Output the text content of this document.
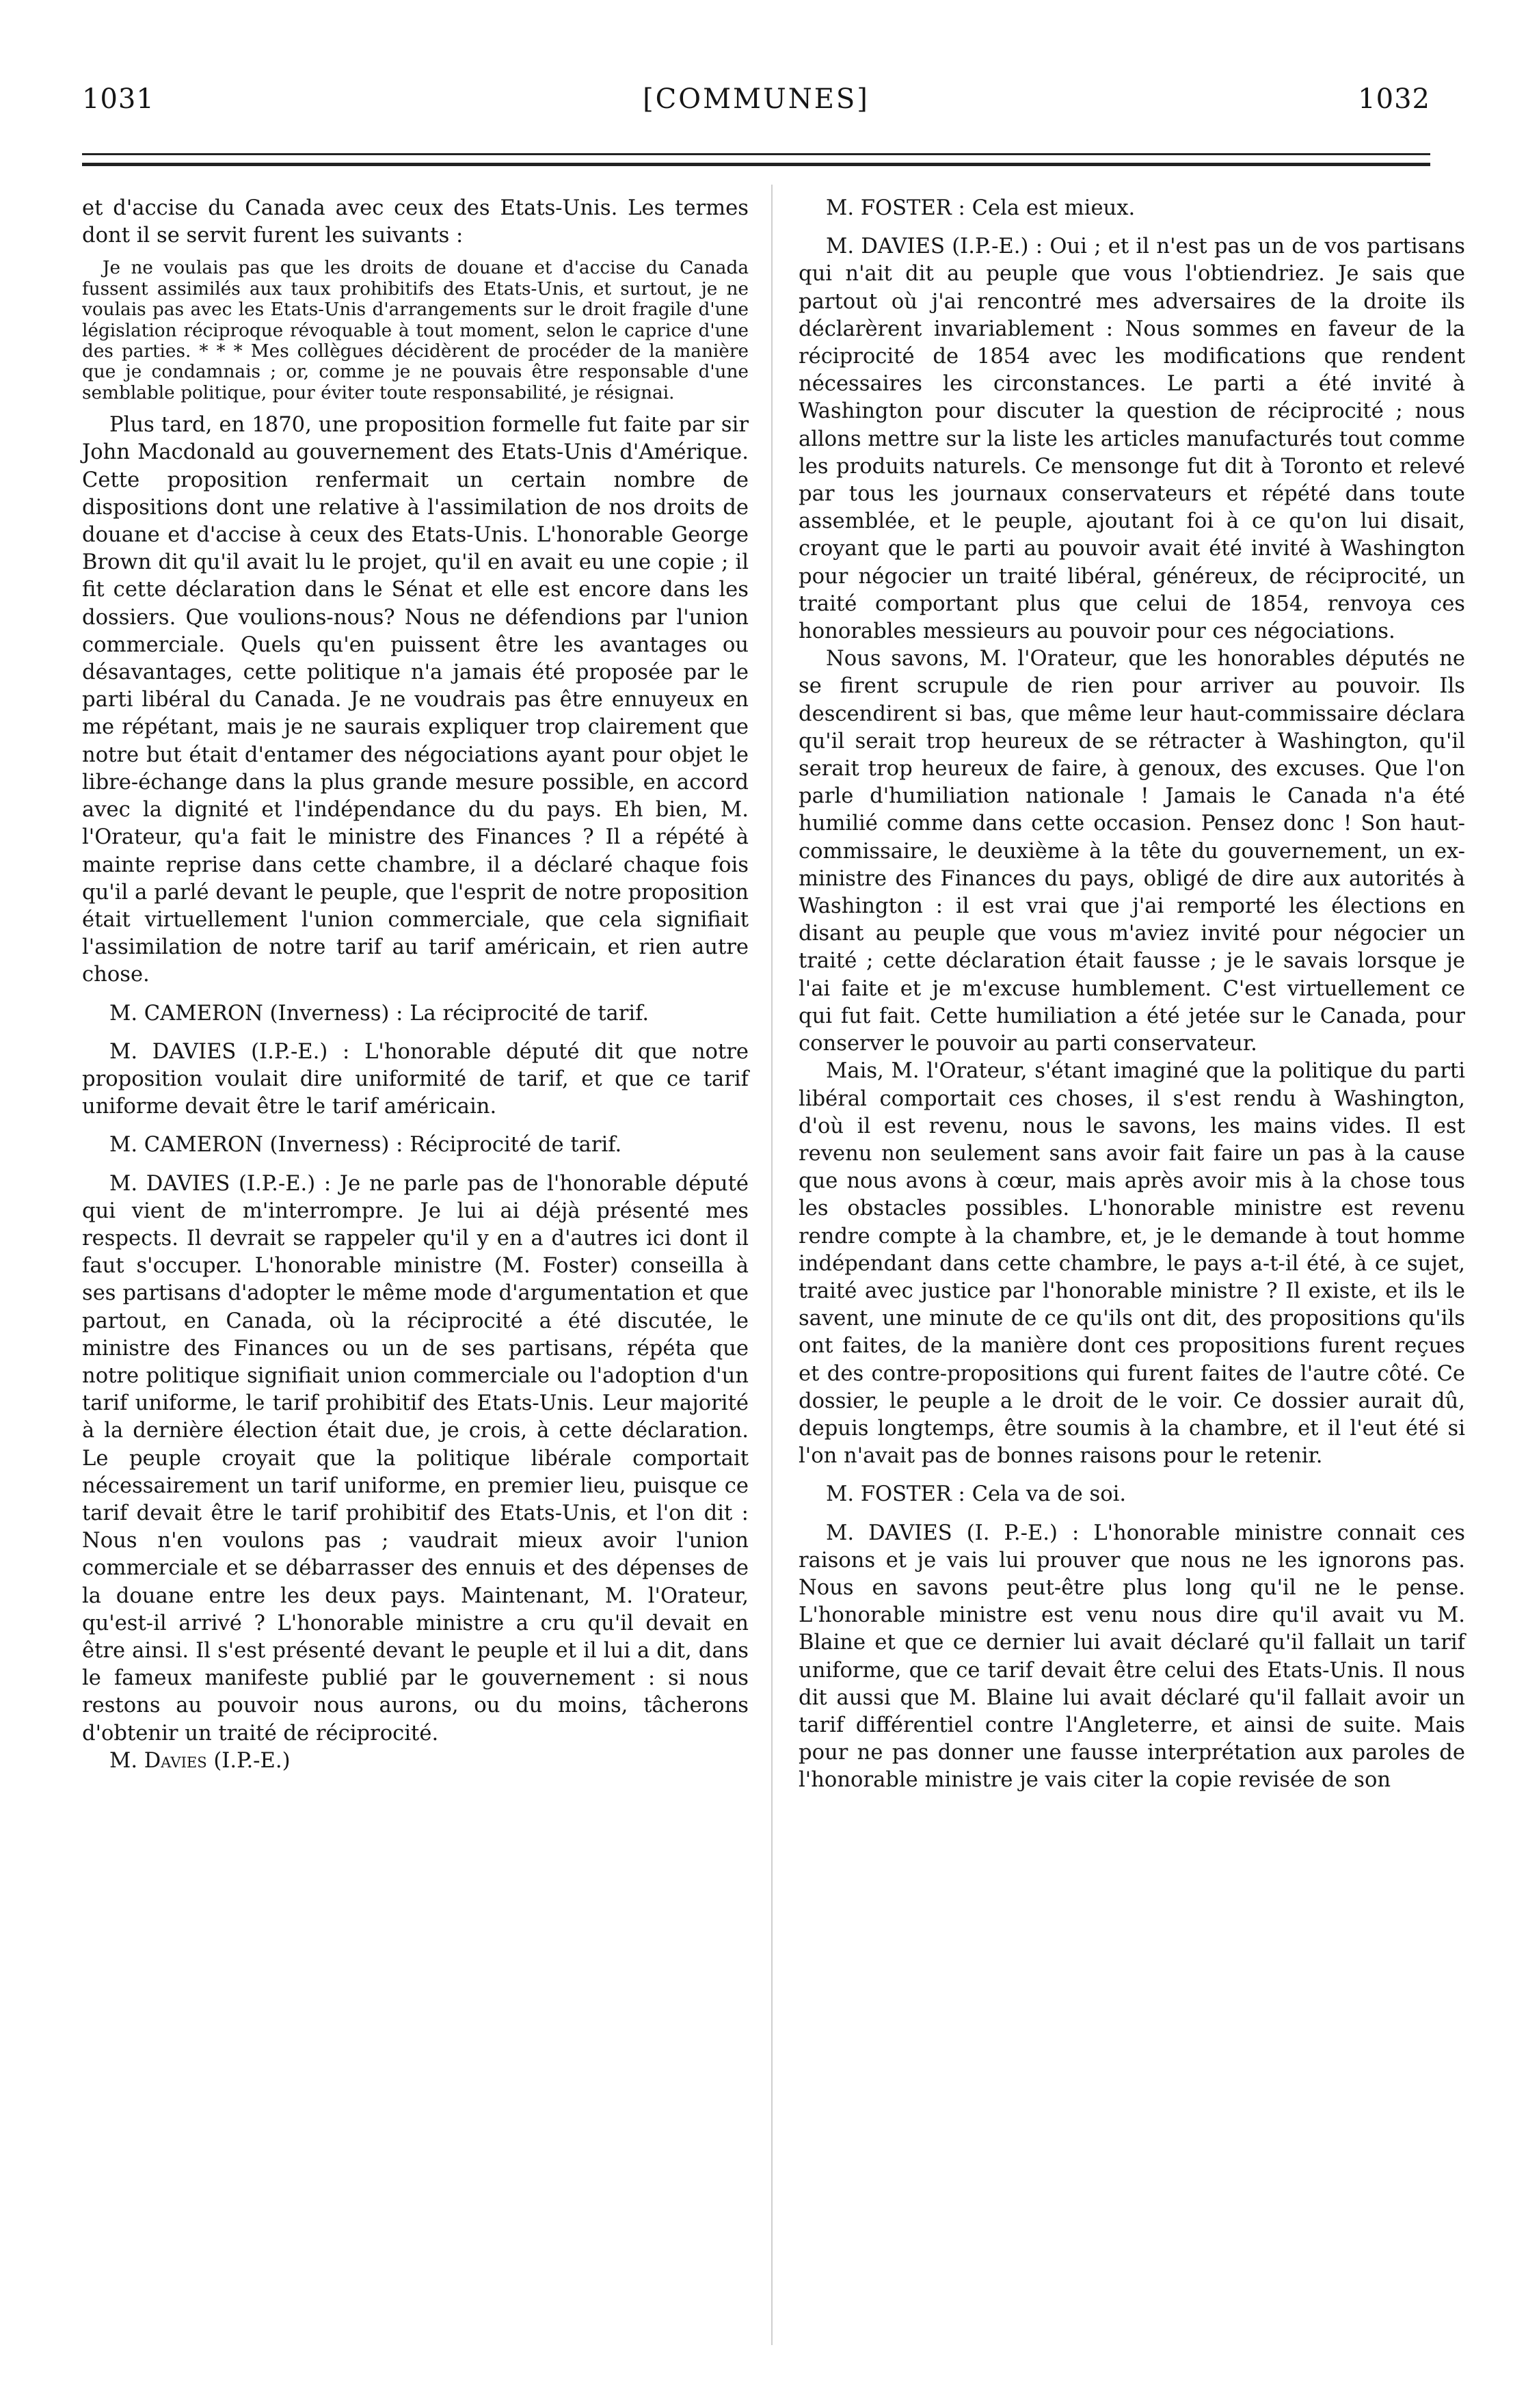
1031	[COMMUNES]	1032

et d'accise du Canada avec ceux des Etats-Unis. Les termes dont il se servit furent les suivants :

Je ne voulais pas que les droits de douane et d'accise du Canada fussent assimilés aux taux prohibitifs des Etats-Unis, et surtout, je ne voulais pas avec les Etats-Unis d'arrangements sur le droit fragile d'une législation réciproque révoquable à tout moment, selon le caprice d'une des parties. * * * Mes collègues décidèrent de procéder de la manière que je condamnais ; or, comme je ne pouvais être responsable d'une semblable politique, pour éviter toute responsabilité, je résignai.

Plus tard, en 1870, une proposition formelle fut faite par sir John Macdonald au gouvernement des Etats-Unis d'Amérique. Cette proposition renfermait un certain nombre de dispositions dont une relative à l'assimilation de nos droits de douane et d'accise à ceux des Etats-Unis. L'honorable George Brown dit qu'il avait lu le projet, qu'il en avait eu une copie ; il fit cette déclaration dans le Sénat et elle est encore dans les dossiers. Que voulions-nous? Nous ne défendions par l'union commerciale. Quels qu'en puissent être les avantages ou désavantages, cette politique n'a jamais été proposée par le parti libéral du Canada. Je ne voudrais pas être ennuyeux en me répétant, mais je ne saurais expliquer trop clairement que notre but était d'entamer des négociations ayant pour objet le libre-échange dans la plus grande mesure possible, en accord avec la dignité et l'indépendance du du pays. Eh bien, M. l'Orateur, qu'a fait le ministre des Finances ? Il a répété à mainte reprise dans cette chambre, il a déclaré chaque fois qu'il a parlé devant le peuple, que l'esprit de notre proposition était virtuellement l'union commerciale, que cela signifiait l'assimilation de notre tarif au tarif américain, et rien autre chose.

M. CAMERON (Inverness) : La réciprocité de tarif.

M. DAVIES (I.P.-E.) : L'honorable député dit que notre proposition voulait dire uniformité de tarif, et que ce tarif uniforme devait être le tarif américain.

M. CAMERON (Inverness) : Réciprocité de tarif.

M. DAVIES (I.P.-E.) : Je ne parle pas de l'honorable député qui vient de m'interrompre. Je lui ai déjà présenté mes respects. Il devrait se rappeler qu'il y en a d'autres ici dont il faut s'occuper. L'honorable ministre (M. Foster) conseilla à ses partisans d'adopter le même mode d'argumentation et que partout, en Canada, où la réciprocité a été discutée, le ministre des Finances ou un de ses partisans, répéta que notre politique signifiait union commerciale ou l'adoption d'un tarif uniforme, le tarif prohibitif des Etats-Unis. Leur majorité à la dernière élection était due, je crois, à cette déclaration. Le peuple croyait que la politique libérale comportait nécessairement un tarif uniforme, en premier lieu, puisque ce tarif devait être le tarif prohibitif des Etats-Unis, et l'on dit : Nous n'en voulons pas ; vaudrait mieux avoir l'union commerciale et se débarrasser des ennuis et des dépenses de la douane entre les deux pays. Maintenant, M. l'Orateur, qu'est-il arrivé ? L'honorable ministre a cru qu'il devait en être ainsi. Il s'est présenté devant le peuple et il lui a dit, dans le fameux manifeste publié par le gouvernement : si nous restons au pouvoir nous aurons, ou du moins, tâcherons d'obtenir un traité de réciprocité.

M. Davies (I.P.-E.)

M. FOSTER : Cela est mieux.

M. DAVIES (I.P.-E.) : Oui ; et il n'est pas un de vos partisans qui n'ait dit au peuple que vous l'obtiendriez. Je sais que partout où j'ai rencontré mes adversaires de la droite ils déclarèrent invariablement : Nous sommes en faveur de la réciprocité de 1854 avec les modifications que rendent nécessaires les circonstances. Le parti a été invité à Washington pour discuter la question de réciprocité ; nous allons mettre sur la liste les articles manufacturés tout comme les produits naturels. Ce mensonge fut dit à Toronto et relevé par tous les journaux conservateurs et répété dans toute assemblée, et le peuple, ajoutant foi à ce qu'on lui disait, croyant que le parti au pouvoir avait été invité à Washington pour négocier un traité libéral, généreux, de réciprocité, un traité comportant plus que celui de 1854, renvoya ces honorables messieurs au pouvoir pour ces négociations.

Nous savons, M. l'Orateur, que les honorables députés ne se firent scrupule de rien pour arriver au pouvoir. Ils descendirent si bas, que même leur haut-commissaire déclara qu'il serait trop heureux de se rétracter à Washington, qu'il serait trop heureux de faire, à genoux, des excuses. Que l'on parle d'humiliation nationale ! Jamais le Canada n'a été humilié comme dans cette occasion. Pensez donc ! Son haut-commissaire, le deuxième à la tête du gouvernement, un ex-ministre des Finances du pays, obligé de dire aux autorités à Washington : il est vrai que j'ai remporté les élections en disant au peuple que vous m'aviez invité pour négocier un traité ; cette déclaration était fausse ; je le savais lorsque je l'ai faite et je m'excuse humblement. C'est virtuellement ce qui fut fait. Cette humiliation a été jetée sur le Canada, pour conserver le pouvoir au parti conservateur.

Mais, M. l'Orateur, s'étant imaginé que la politique du parti libéral comportait ces choses, il s'est rendu à Washington, d'où il est revenu, nous le savons, les mains vides. Il est revenu non seulement sans avoir fait faire un pas à la cause que nous avons à cœur, mais après avoir mis à la chose tous les obstacles possibles. L'honorable ministre est revenu rendre compte à la chambre, et, je le demande à tout homme indépendant dans cette chambre, le pays a-t-il été, à ce sujet, traité avec justice par l'honorable ministre ? Il existe, et ils le savent, une minute de ce qu'ils ont dit, des propositions qu'ils ont faites, de la manière dont ces propositions furent reçues et des contre-propositions qui furent faites de l'autre côté. Ce dossier, le peuple a le droit de le voir. Ce dossier aurait dû, depuis longtemps, être soumis à la chambre, et il l'eut été si l'on n'avait pas de bonnes raisons pour le retenir.

M. FOSTER : Cela va de soi.

M. DAVIES (I. P.-E.) : L'honorable ministre connait ces raisons et je vais lui prouver que nous ne les ignorons pas. Nous en savons peut-être plus long qu'il ne le pense. L'honorable ministre est venu nous dire qu'il avait vu M. Blaine et que ce dernier lui avait déclaré qu'il fallait un tarif uniforme, que ce tarif devait être celui des Etats-Unis. Il nous dit aussi que M. Blaine lui avait déclaré qu'il fallait avoir un tarif différentiel contre l'Angleterre, et ainsi de suite. Mais pour ne pas donner une fausse interprétation aux paroles de l'honorable ministre je vais citer la copie revisée de son
